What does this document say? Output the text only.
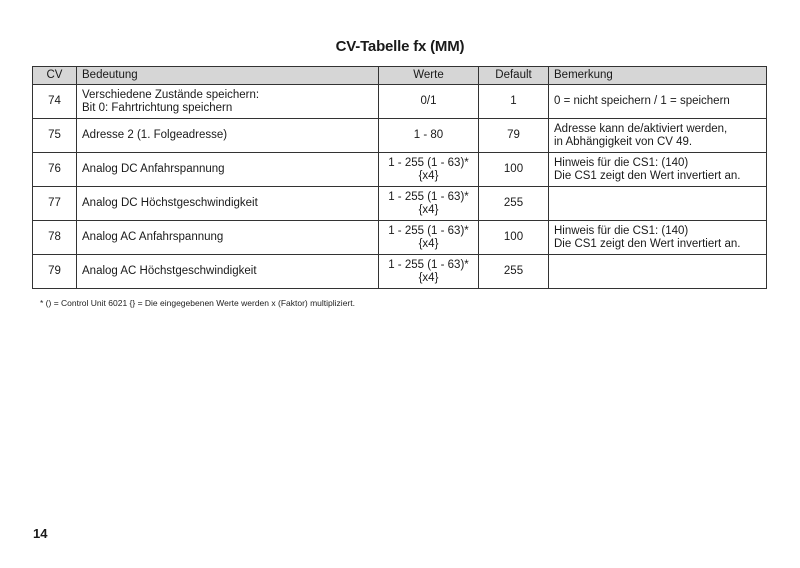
CV-Tabelle fx (MM)
CV	Bedeutung	Werte	Default	Bemerkung
74	Verschiedene Zustände speichern:
Bit 0: Fahrtrichtung speichern	0/1	1	0 = nicht speichern / 1 = speichern

75	Adresse 2 (1. Folgeadresse)	1 - 80	79	Adresse kann de/aktiviert werden,
in Abhängigkeit von CV 49.

76	Analog DC Anfahrspannung	1 - 255 (1 - 63)*
{x4}	100	Hinweis für die CS1: (140)
Die CS1 zeigt den Wert invertiert an.

77	Analog DC Höchstgeschwindigkeit	1 - 255 (1 - 63)*
{x4}	255	
78	Analog AC Anfahrspannung	1 - 255 (1 - 63)*
{x4}	100	Hinweis für die CS1: (140)
Die CS1 zeigt den Wert invertiert an.

79	Analog AC Höchstgeschwindigkeit	1 - 255 (1 - 63)*
{x4}	255	
* () = Control Unit 6021 {} = Die eingegebenen Werte werden x (Faktor) multipliziert.
14
